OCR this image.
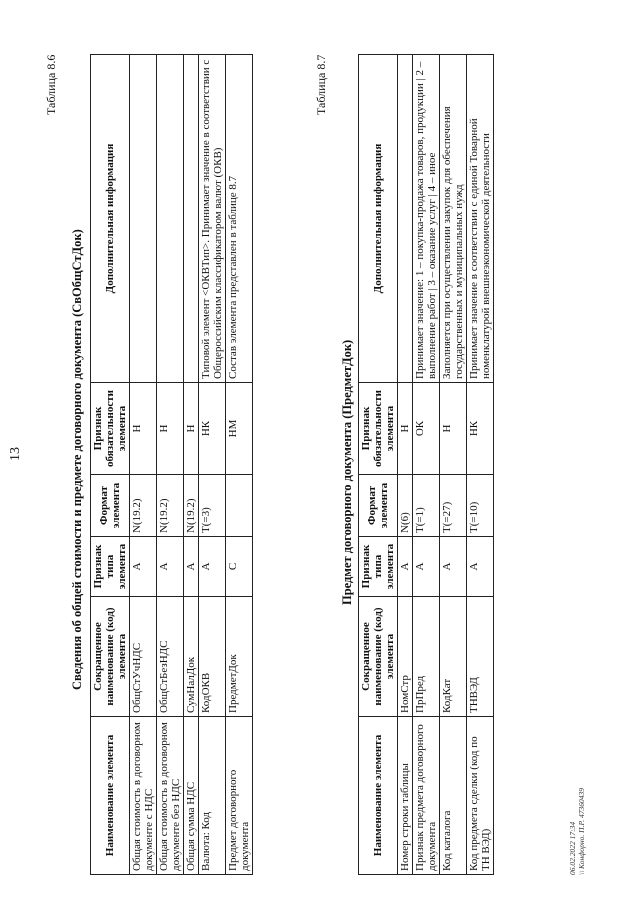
13
Таблица 8.6
Сведения об общей стоимости и предмете договорного документа (СвОбщСтДок)
Наименование элемента	Сокращенное наименование (код) элемента	Признак типа элемента	Формат элемента	Признак обязательности элемента	Дополнительная информация
Общая стоимость в договорном документе с НДС	ОбщСтУчНДС	А	N(19.2)	Н	
Общая стоимость в договорном документе без НДС	ОбщСтБезНДС	А	N(19.2)	Н	
Общая сумма НДС	СумНалДок	А	N(19.2)	Н	
Валюта: Код	КодОКВ	А	T(=3)	НК	Типовой элемент <ОКВТип>. Принимает значение в соответствии с Общероссийским классификатором валют (ОКВ)
Предмет договорного документа	ПредметДок	С		НМ	Состав элемента представлен в таблице 8.7
Таблица 8.7
Предмет договорного документа (ПредметДок)
Наименование элемента	Сокращенное наименование (код) элемента	Признак типа элемента	Формат элемента	Признак обязательности элемента	Дополнительная информация
Номер строки таблицы	НомСтр	А	N(6)	Н	
Признак предмета договорного документа	ПрПред	А	T(=1)	ОК	Принимает значение: 1 – покупка-продажа товаров, продукции | 2 – выполнение работ | 3 – оказание услуг | 4 – иное
Код каталога	КодКат	А	T(=27)	Н	Заполняется при осуществлении закупок для обеспечения государственных и муниципальных нужд
Код предмета сделки (код по ТН ВЭД)	ТНВЭД	А	T(=10)	НК	Принимает значение в соответствии с единой Товарной номенклатурой внешнеэкономической деятельности
06.02.2022 17:34 \\ Конфорно. П.Р. 47360439
